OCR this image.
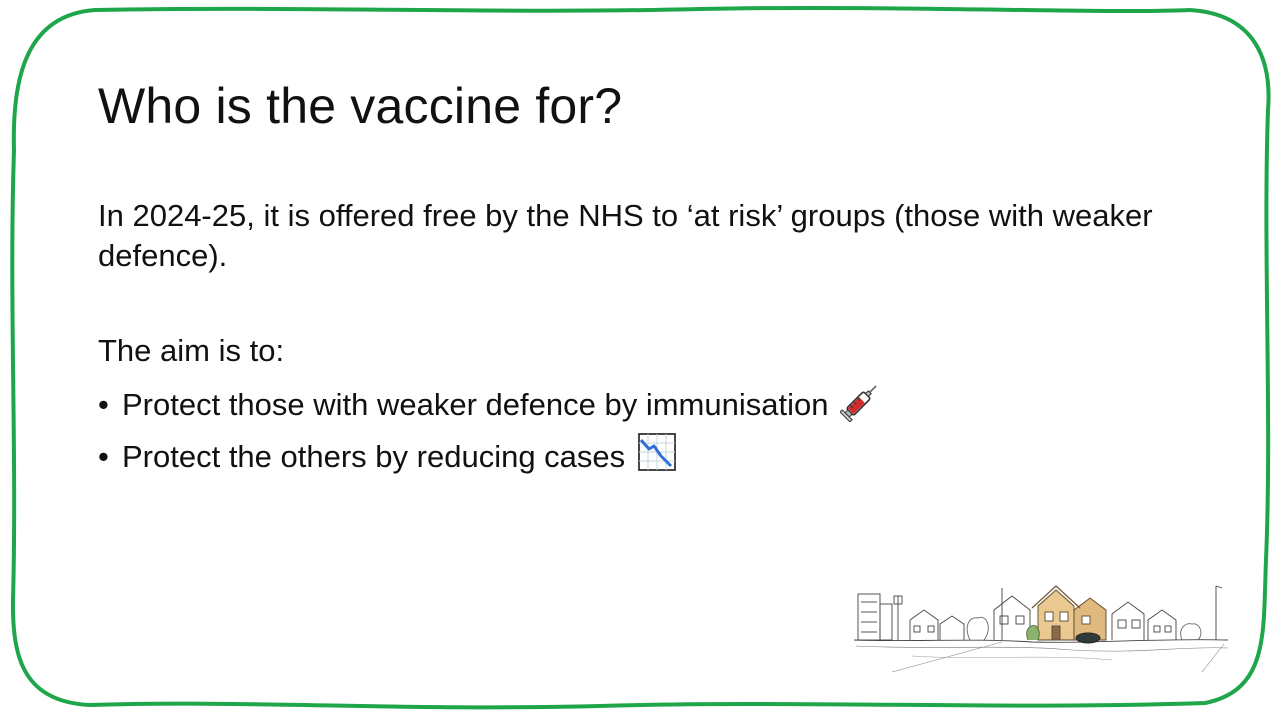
Who is the vaccine for?

In 2024-25, it is offered free by the NHS to ‘at risk’ groups (those with weaker defence).

The aim is to:

• Protect those with weaker defence by immunisation
• Protect the others by reducing cases
